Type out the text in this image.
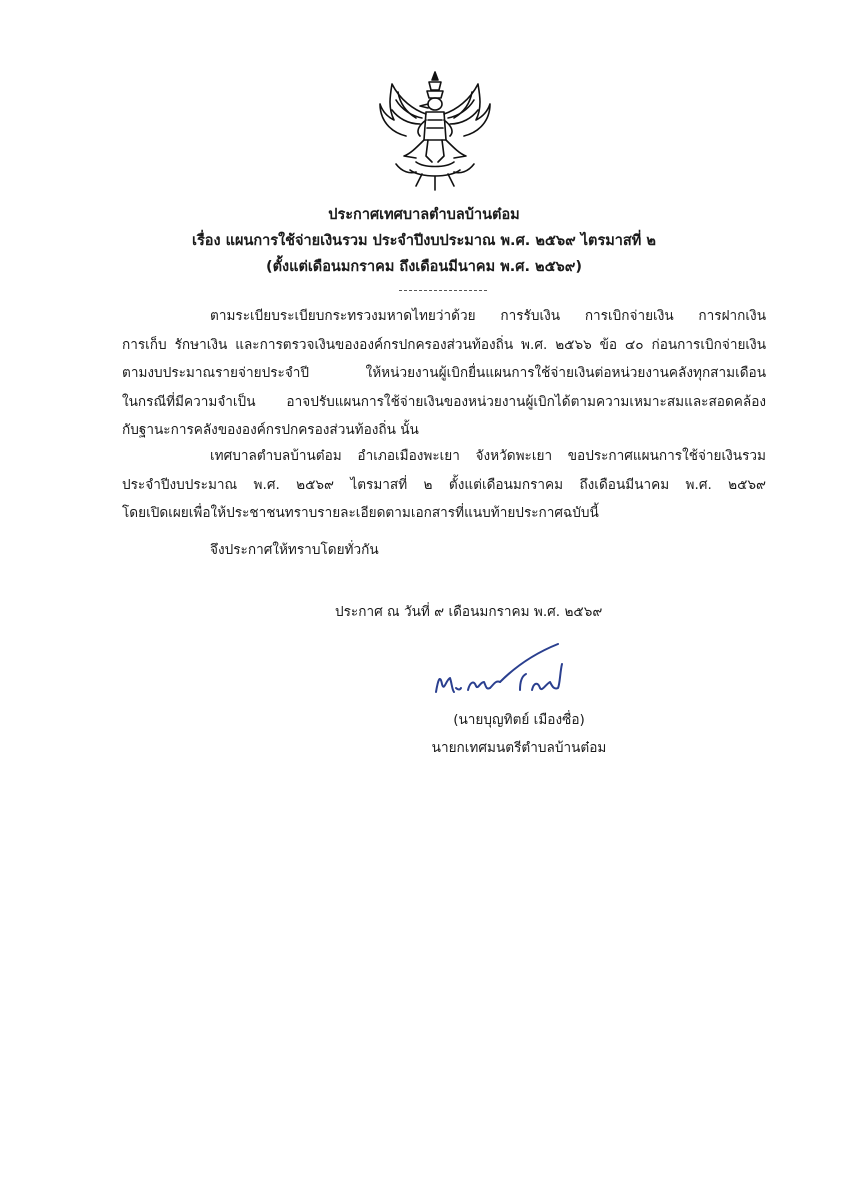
ประกาศเทศบาลตำบลบ้านต๋อม
เรื่อง แผนการใช้จ่ายเงินรวม ประจำปีงบประมาณ พ.ศ. ๒๕๖๙ ไตรมาสที่ ๒
(ตั้งแต่เดือนมกราคม ถึงเดือนมีนาคม พ.ศ. ๒๕๖๙)
ตามระเบียบระเบียบกระทรวงมหาดไทยว่าด้วย การรับเงิน การเบิกจ่ายเงิน การฝากเงิน
การเก็บ รักษาเงิน และการตรวจเงินขององค์กรปกครองส่วนท้องถิ่น พ.ศ. ๒๕๖๖ ข้อ ๔๐ ก่อนการเบิกจ่ายเงิน
ตามงบประมาณรายจ่ายประจำปี ให้หน่วยงานผู้เบิกยื่นแผนการใช้จ่ายเงินต่อหน่วยงานคลังทุกสามเดือน
ในกรณีที่มีความจำเป็น อาจปรับแผนการใช้จ่ายเงินของหน่วยงานผู้เบิกได้ตามความเหมาะสมและสอดคล้อง
กับฐานะการคลังขององค์กรปกครองส่วนท้องถิ่น นั้น
เทศบาลตำบลบ้านต๋อม อำเภอเมืองพะเยา จังหวัดพะเยา ขอประกาศแผนการใช้จ่ายเงินรวม
ประจำปีงบประมาณ พ.ศ. ๒๕๖๙ ไตรมาสที่ ๒ ตั้งแต่เดือนมกราคม ถึงเดือนมีนาคม พ.ศ. ๒๕๖๙
โดยเปิดเผยเพื่อให้ประชาชนทราบรายละเอียดตามเอกสารที่แนบท้ายประกาศฉบับนี้
จึงประกาศให้ทราบโดยทั่วกัน
ประกาศ ณ วันที่ ๙ เดือนมกราคม พ.ศ. ๒๕๖๙
(นายบุญทิตย์ เมืองซื่อ)
นายกเทศมนตรีตำบลบ้านต๋อม
